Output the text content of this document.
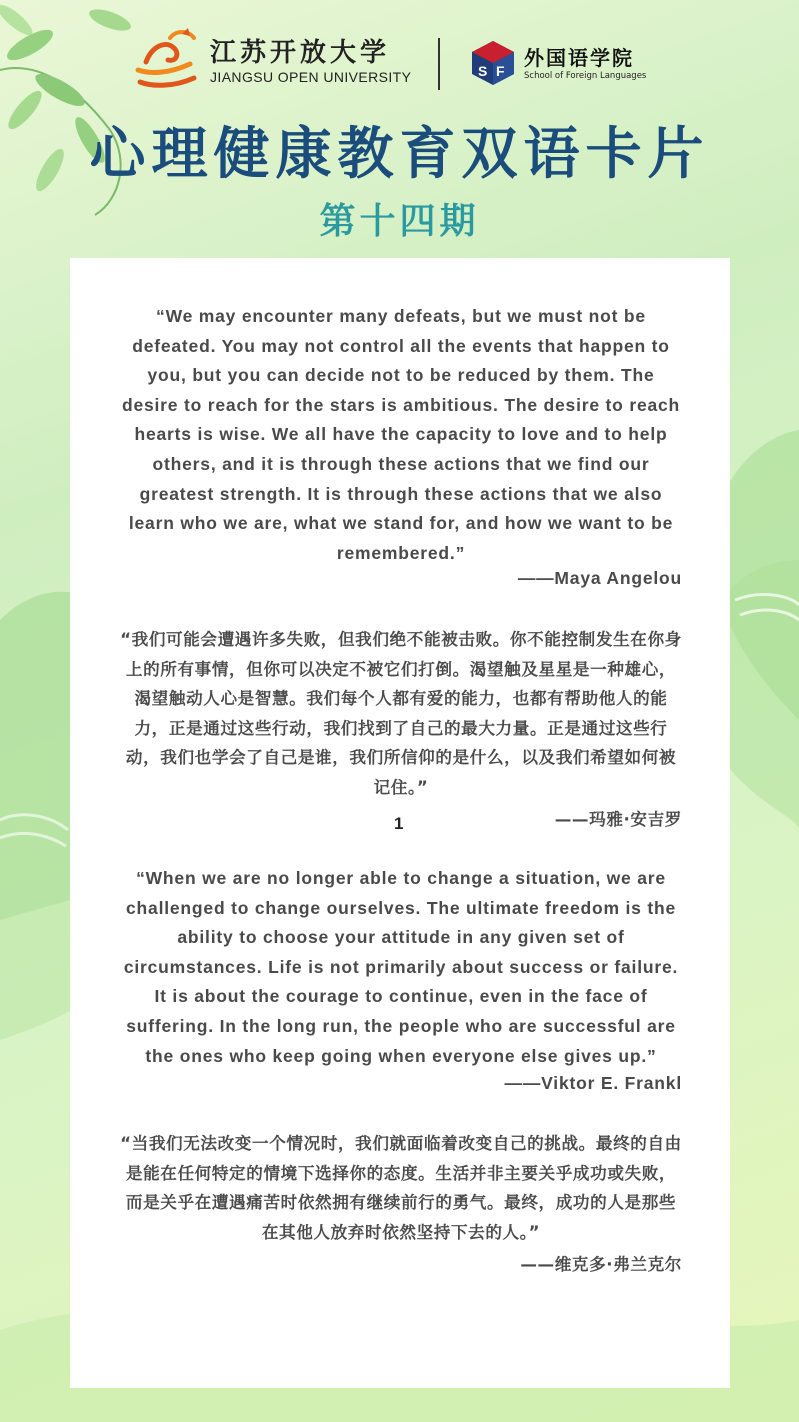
江苏开放大学
JIANGSU OPEN UNIVERSITY	S F
外国语学院
School of Foreign Languages
心理健康教育双语卡片
第十四期
“We may encounter many defeats, but we must not be defeated. You may not control all the events that happen to you, but you can decide not to be reduced by them. The desire to reach for the stars is ambitious. The desire to reach hearts is wise. We all have the capacity to love and to help others, and it is through these actions that we find our greatest strength. It is through these actions that we also learn who we are, what we stand for, and how we want to be remembered.”
——Maya Angelou
“我们可能会遭遇许多失败，但我们绝不能被击败。你不能控制发生在你身上的所有事情，但你可以决定不被它们打倒。渴望触及星星是一种雄心，渴望触动人心是智慧。我们每个人都有爱的能力，也都有帮助他人的能力，正是通过这些行动，我们找到了自己的最大力量。正是通过这些行动，我们也学会了自己是谁，我们所信仰的是什么，以及我们希望如何被记住。”
——玛雅·安吉罗
1
“When we are no longer able to change a situation, we are challenged to change ourselves. The ultimate freedom is the ability to choose your attitude in any given set of circumstances. Life is not primarily about success or failure. It is about the courage to continue, even in the face of suffering. In the long run, the people who are successful are the ones who keep going when everyone else gives up.”
——Viktor E. Frankl
“当我们无法改变一个情况时，我们就面临着改变自己的挑战。最终的自由是能在任何特定的情境下选择你的态度。生活并非主要关乎成功或失败，而是关乎在遭遇痛苦时依然拥有继续前行的勇气。最终，成功的人是那些在其他人放弃时依然坚持下去的人。”
——维克多·弗兰克尔
